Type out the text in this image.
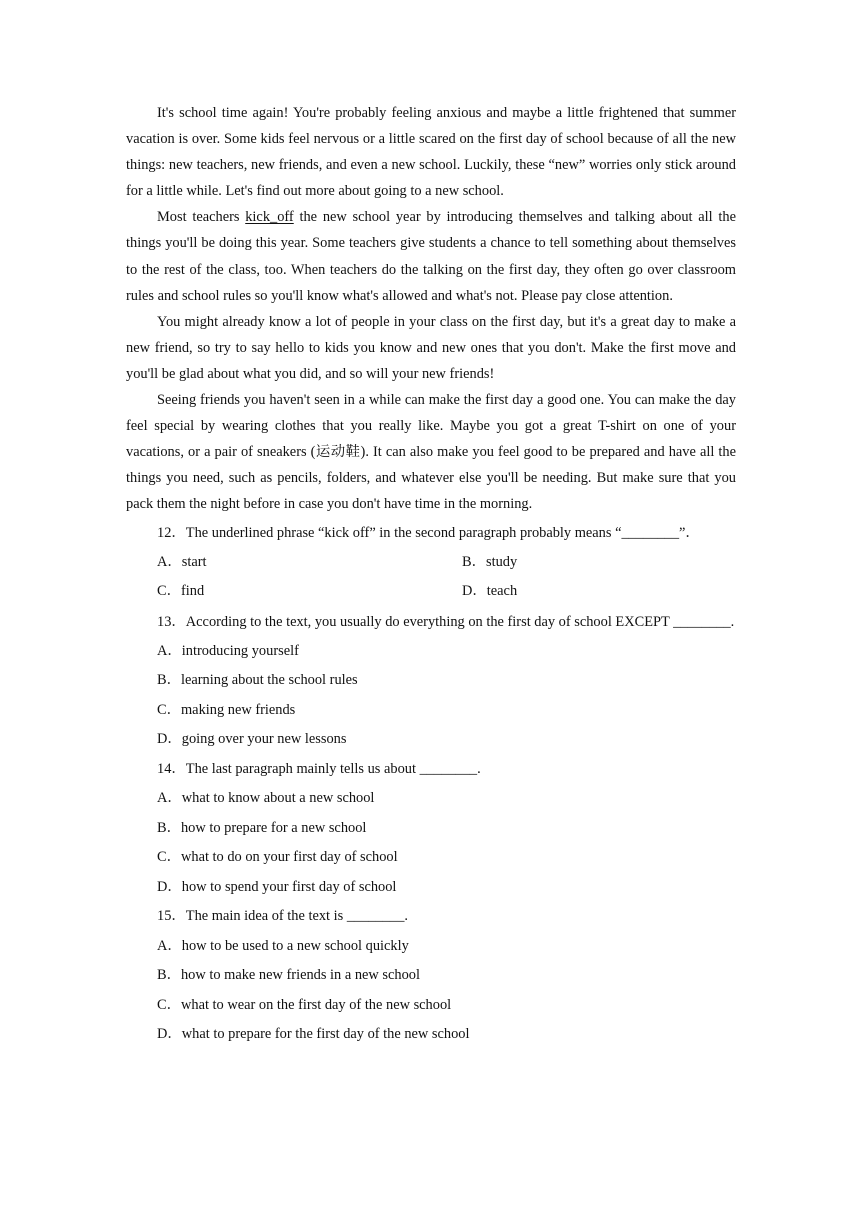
It's school time again! You're probably feeling anxious and maybe a little frightened that summer vacation is over. Some kids feel nervous or a little scared on the first day of school because of all the new things: new teachers, new friends, and even a new school. Luckily, these “new” worries only stick around for a little while. Let's find out more about going to a new school.

Most teachers kick_off the new school year by introducing themselves and talking about all the things you'll be doing this year. Some teachers give students a chance to tell something about themselves to the rest of the class, too. When teachers do the talking on the first day, they often go over classroom rules and school rules so you'll know what's allowed and what's not. Please pay close attention.

You might already know a lot of people in your class on the first day, but it's a great day to make a new friend, so try to say hello to kids you know and new ones that you don't. Make the first move and you'll be glad about what you did, and so will your new friends!

Seeing friends you haven't seen in a while can make the first day a good one. You can make the day feel special by wearing clothes that you really like. Maybe you got a great T-shirt on one of your vacations, or a pair of sneakers (运动鞋). It can also make you feel good to be prepared and have all the things you need, such as pencils, folders, and whatever else you'll be needing. But make sure that you pack them the night before in case you don't have time in the morning.

12．The underlined phrase “kick off” in the second paragraph probably means “________”．

A．start	B．study
C．find	D．teach

13．According to the text, you usually do everything on the first day of school EXCEPT ________.

A．introducing yourself
B．learning about the school rules
C．making new friends
D．going over your new lessons
14．The last paragraph mainly tells us about ________.
A．what to know about a new school
B．how to prepare for a new school
C．what to do on your first day of school
D．how to spend your first day of school
15．The main idea of the text is ________.
A．how to be used to a new school quickly
B．how to make new friends in a new school
C．what to wear on the first day of the new school
D．what to prepare for the first day of the new school
